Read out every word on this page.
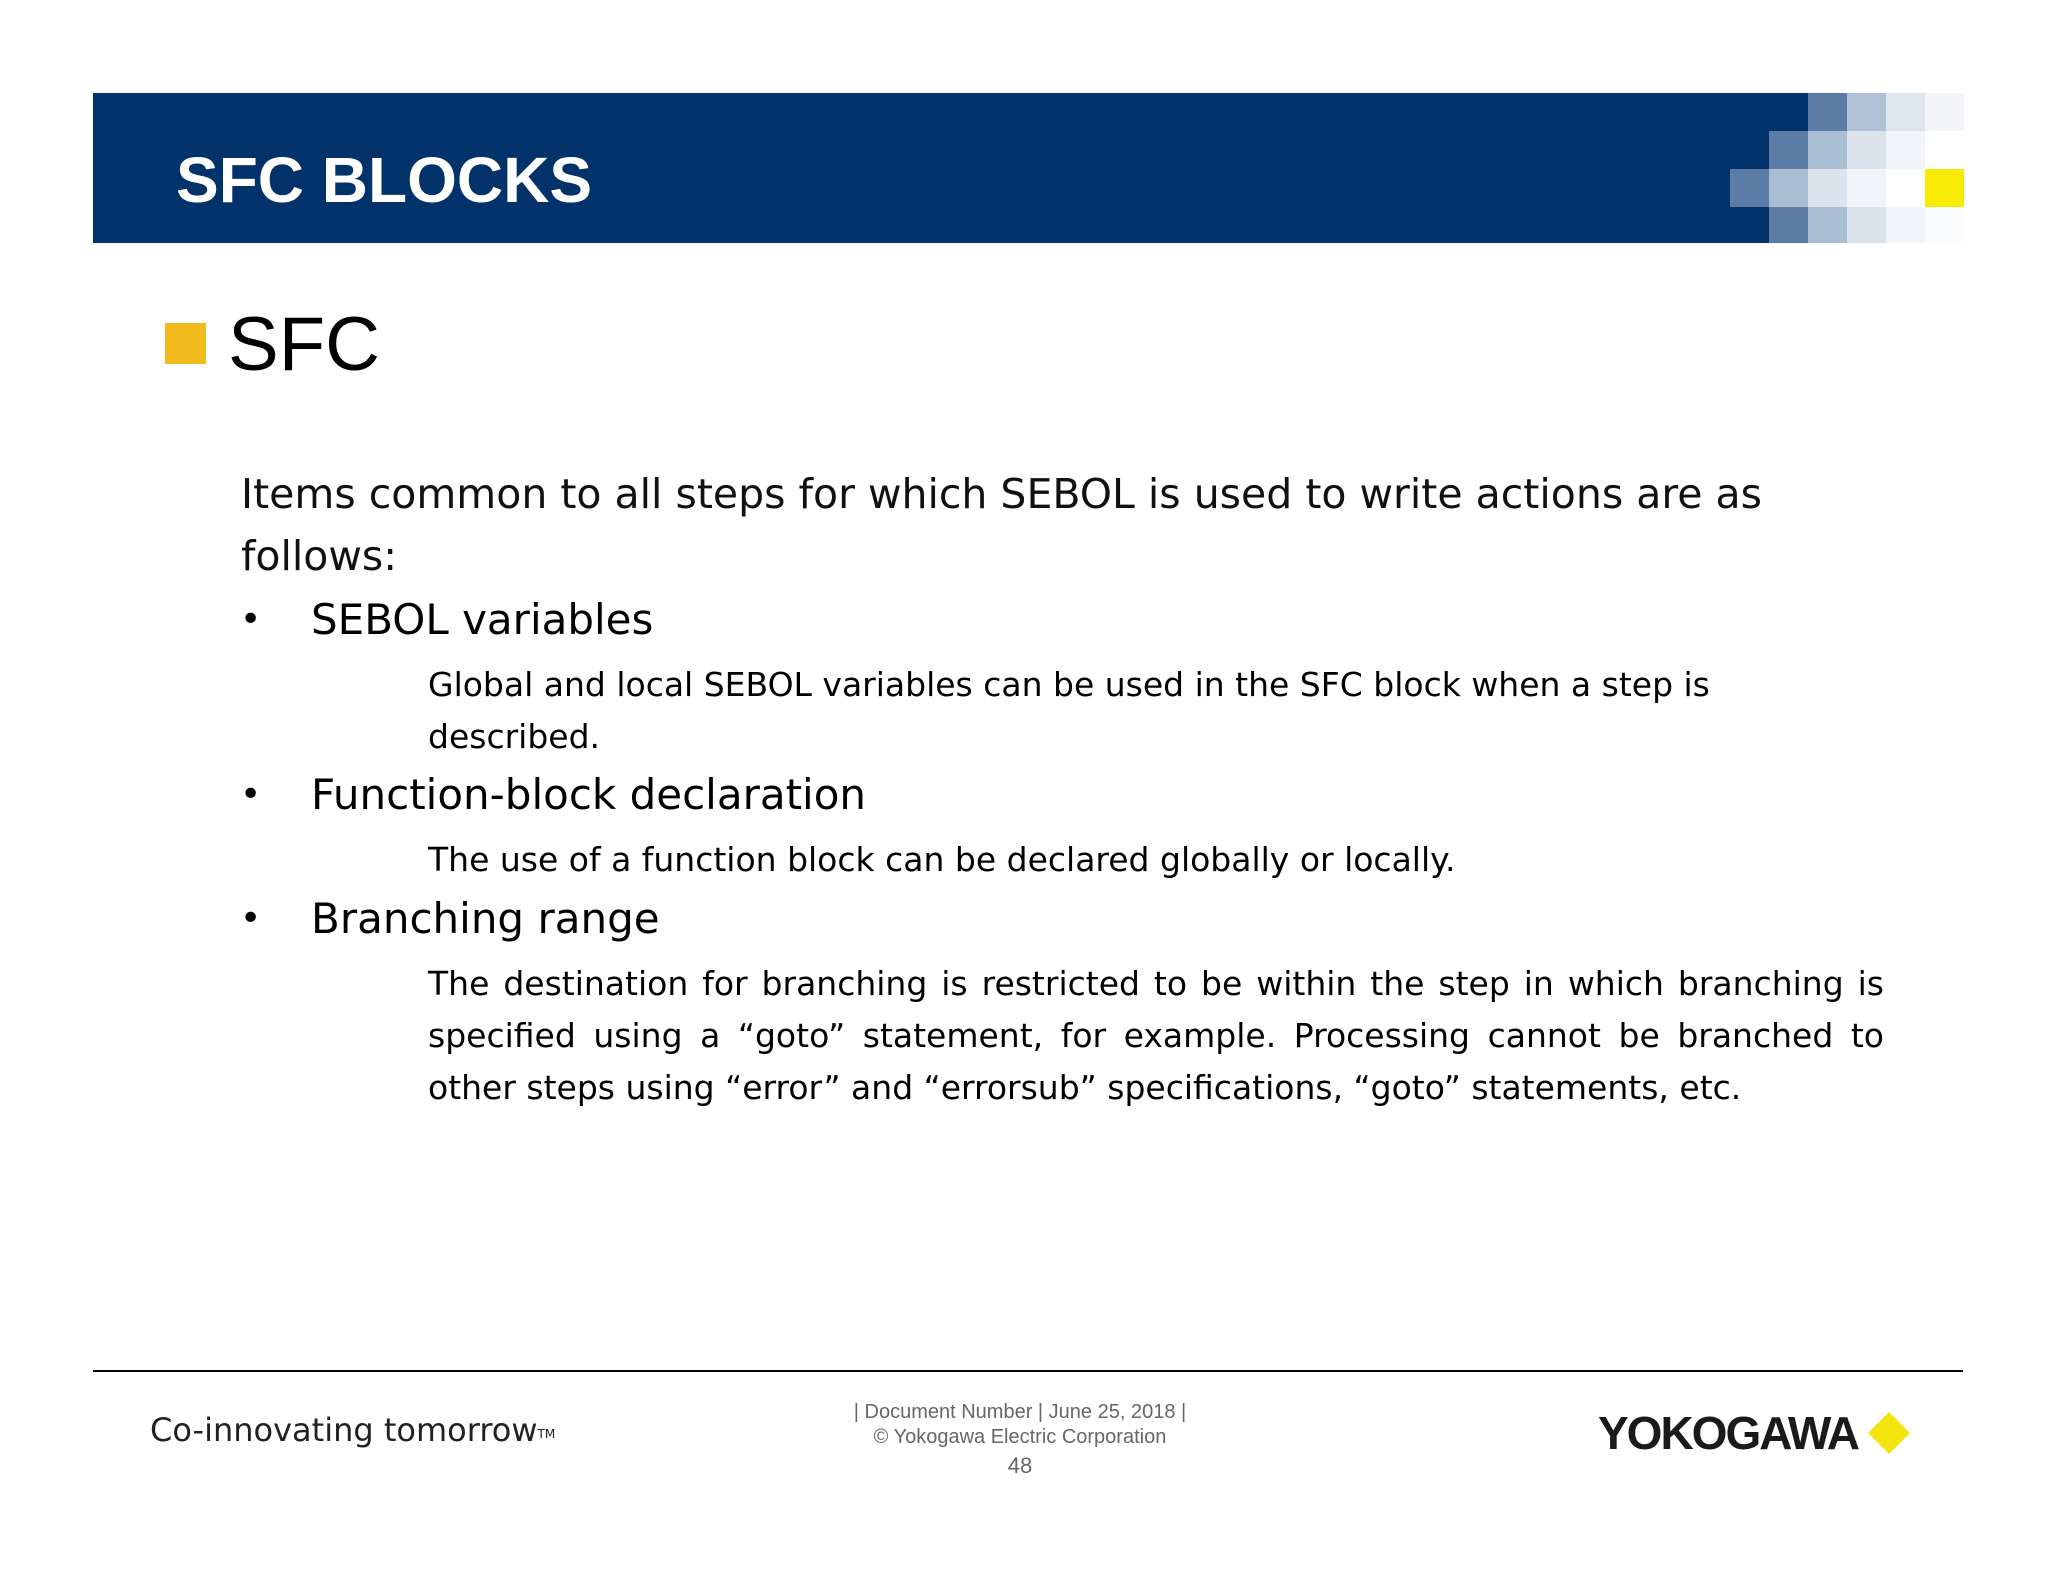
SFC BLOCKS
SFC
Items common to all steps for which SEBOL is used to write actions are as follows:
• SEBOL variables
Global and local SEBOL variables can be used in the SFC block when a step is described.
• Function-block declaration
The use of a function block can be declared globally or locally.
• Branching range
The destination for branching is restricted to be within the step in which branching is specified using a “goto” statement, for example. Processing cannot be branched to other steps using “error” and “errorsub” specifications, “goto” statements, etc.
Co-innovating tomorrow™
| Document Number | June 25, 2018 |
© Yokogawa Electric Corporation
48
YOKOGAWA
